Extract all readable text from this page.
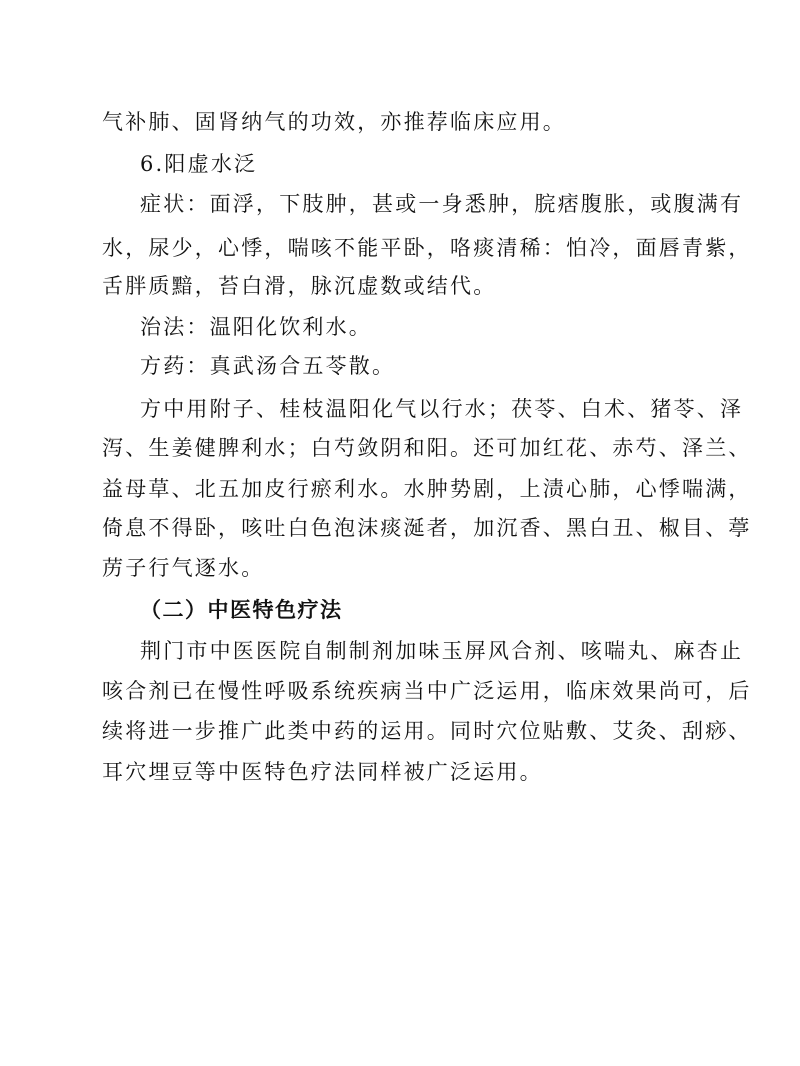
气补肺、固肾纳气的功效，亦推荐临床应用。
6.阳虚水泛
症状：面浮，下肢肿，甚或一身悉肿，脘痞腹胀，或腹满有
水，尿少，心悸，喘咳不能平卧，咯痰清稀：怕冷，面唇青紫，
舌胖质黯，苔白滑，脉沉虚数或结代。
治法：温阳化饮利水。
方药：真武汤合五苓散。
方中用附子、桂枝温阳化气以行水；茯苓、白术、猪苓、泽
泻、生姜健脾利水；白芍敛阴和阳。还可加红花、赤芍、泽兰、
益母草、北五加皮行瘀利水。水肿势剧，上渍心肺，心悸喘满，
倚息不得卧，咳吐白色泡沫痰涎者，加沉香、黑白丑、椒目、葶
苈子行气逐水。
（二）中医特色疗法
荆门市中医医院自制制剂加味玉屏风合剂、咳喘丸、麻杏止
咳合剂已在慢性呼吸系统疾病当中广泛运用，临床效果尚可，后
续将进一步推广此类中药的运用。同时穴位贴敷、艾灸、刮痧、
耳穴埋豆等中医特色疗法同样被广泛运用。
